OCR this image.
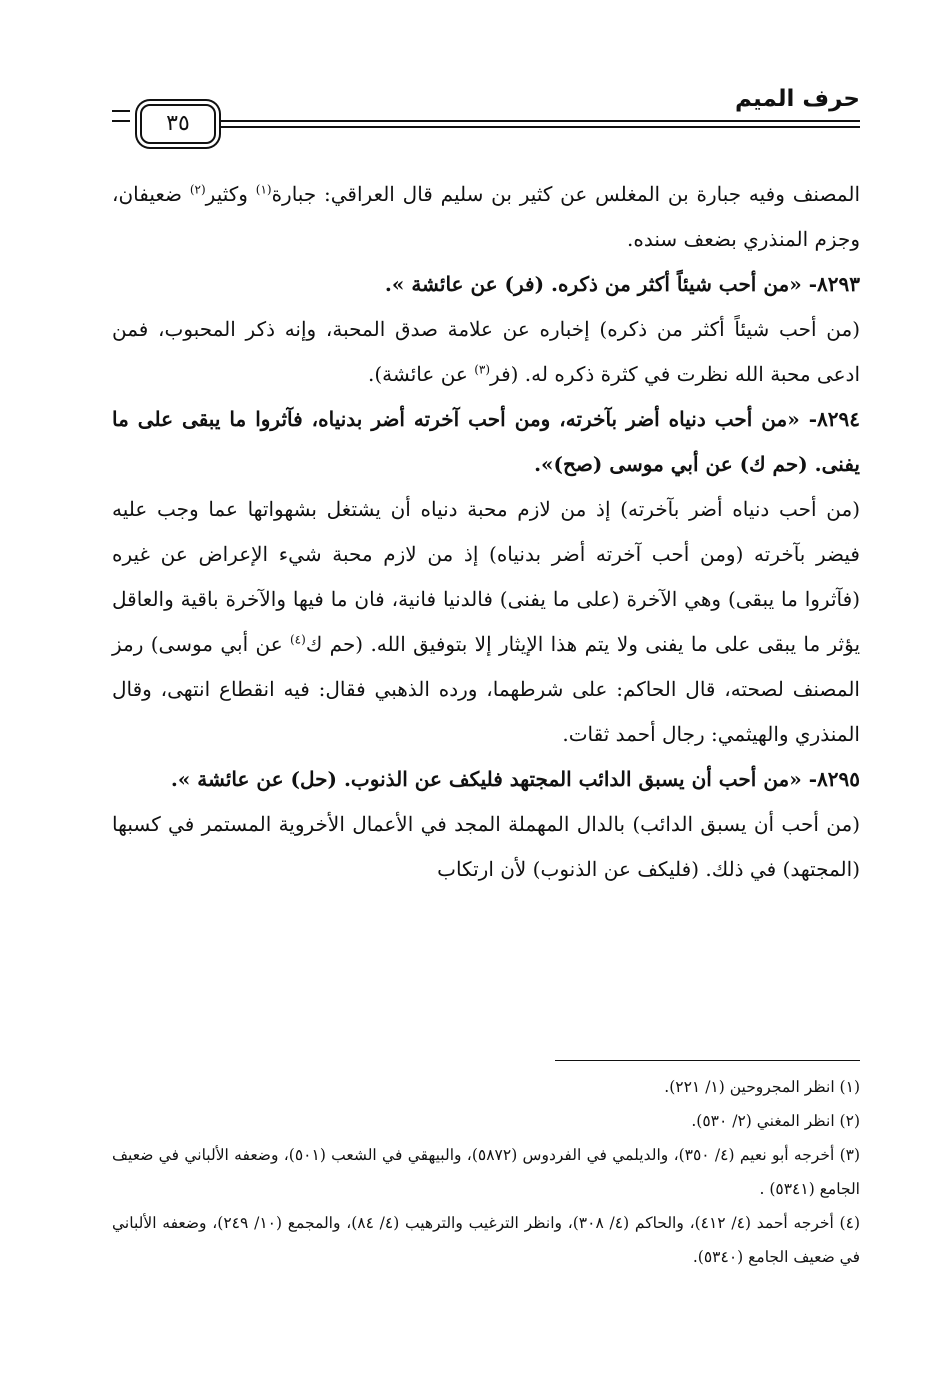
حرف الميم
٣٥

المصنف وفيه جبارة بن المغلس عن كثير بن سليم قال العراقي: جبارة$^{(١)}$ وكثير$^{(٢)}$ ضعيفان، وجزم المنذري بضعف سنده.

٨٢٩٣- «من أحب شيئاً أكثر من ذكره. (فر) عن عائشة ».

(من أحب شيئاً أكثر من ذكره) إخباره عن علامة صدق المحبة، وإنه ذكر المحبوب، فمن ادعى محبة الله نظرت في كثرة ذكره له. (فر$^{(٣)}$ عن عائشة).

٨٢٩٤- «من أحب دنياه أضر بآخرته، ومن أحب آخرته أضر بدنياه، فآثروا ما يبقى على ما يفنى. (حم ك) عن أبي موسى (صح)».

(من أحب دنياه أضر بآخرته) إذ من لازم محبة دنياه أن يشتغل بشهواتها عما وجب عليه فيضر بآخرته (ومن أحب آخرته أضر بدنياه) إذ من لازم محبة شيء الإعراض عن غيره (فآثروا ما يبقى) وهي الآخرة (على ما يفنى) فالدنيا فانية، فان ما فيها والآخرة باقية والعاقل يؤثر ما يبقى على ما يفنى ولا يتم هذا الإيثار إلا بتوفيق الله. (حم ك$^{(٤)}$ عن أبي موسى) رمز المصنف لصحته، قال الحاكم: على شرطهما، ورده الذهبي فقال: فيه انقطاع انتهى، وقال المنذري والهيثمي: رجال أحمد ثقات.

٨٢٩٥- «من أحب أن يسبق الدائب المجتهد فليكف عن الذنوب. (حل) عن عائشة ».

(من أحب أن يسبق الدائب) بالدال المهملة المجد في الأعمال الأخروية المستمر في كسبها (المجتهد) في ذلك. (فليكف عن الذنوب) لأن ارتكاب

(١) انظر المجروحين (١/ ٢٢١).

(٢) انظر المغني (٢/ ٥٣٠).

(٣) أخرجه أبو نعيم (٤/ ٣٥٠)، والديلمي في الفردوس (٥٨٧٢)، والبيهقي في الشعب (٥٠١)، وضعفه الألباني في ضعيف الجامع (٥٣٤١) .

(٤) أخرجه أحمد (٤/ ٤١٢)، والحاكم (٤/ ٣٠٨)، وانظر الترغيب والترهيب (٤/ ٨٤)، والمجمع (١٠/ ٢٤٩)، وضعفه الألباني في ضعيف الجامع (٥٣٤٠).
